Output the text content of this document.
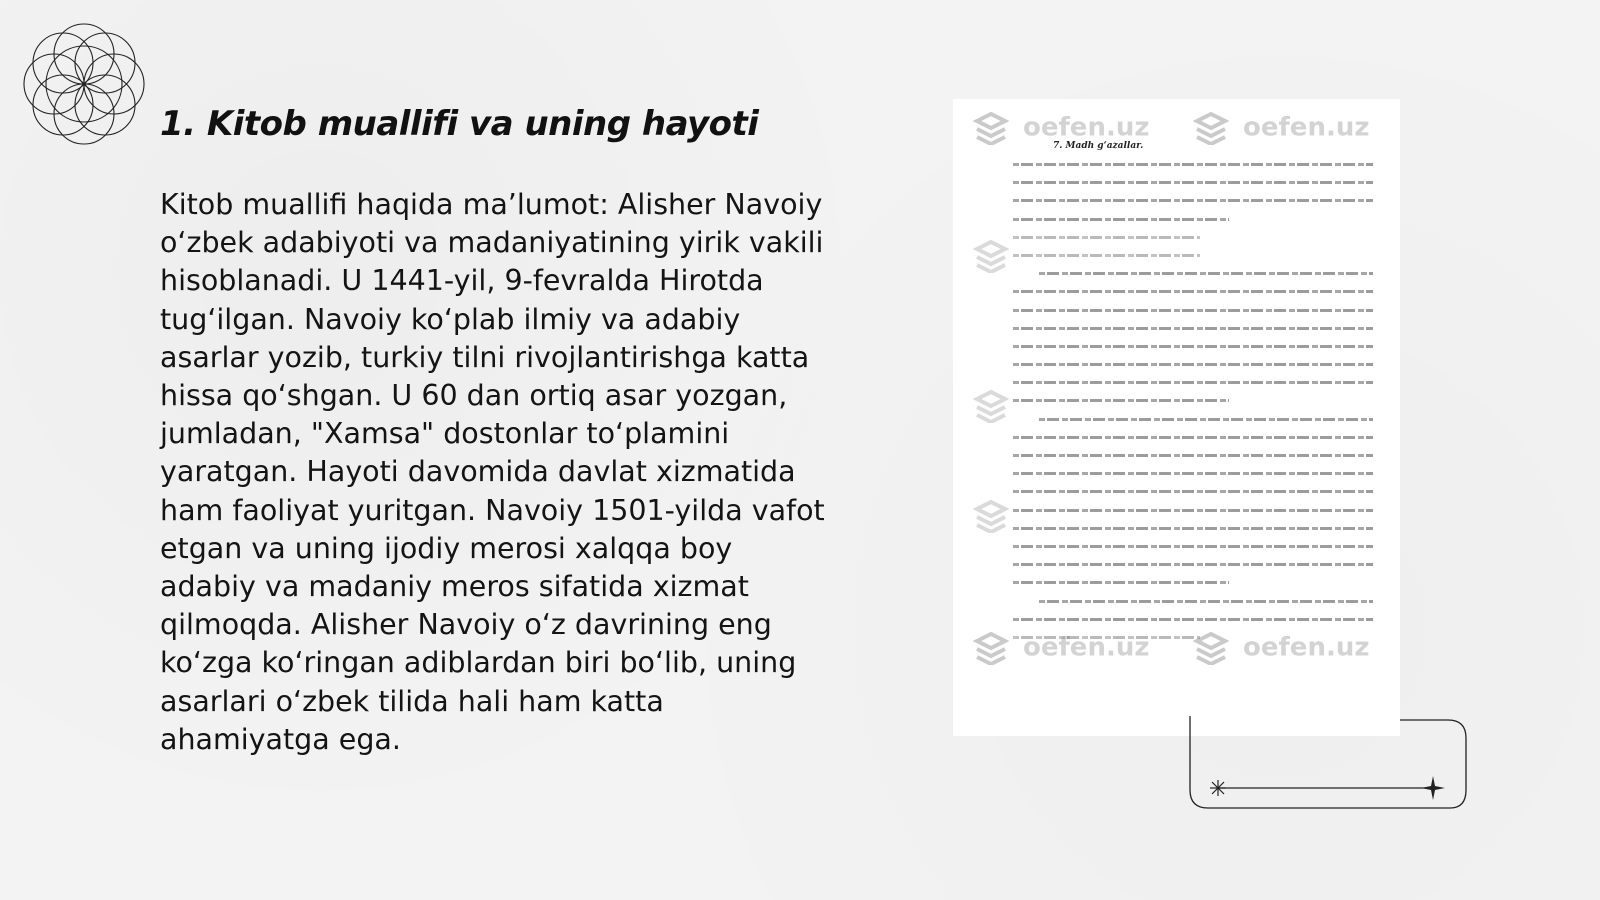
1. Kitob muallifi va uning hayoti

Kitob muallifi haqida ma’lumot: Alisher Navoiy o‘zbek adabiyoti va madaniyatining yirik vakili hisoblanadi. U 1441-yil, 9-fevralda Hirotda tug‘ilgan. Navoiy ko‘plab ilmiy va adabiy asarlar yozib, turkiy tilni rivojlantirishga katta hissa qo‘shgan. U 60 dan ortiq asar yozgan, jumladan, "Xamsa" dostonlar to‘plamini yaratgan. Hayoti davomida davlat xizmatida ham faoliyat yuritgan. Navoiy 1501-yilda vafot etgan va uning ijodiy merosi xalqqa boy adabiy va madaniy meros sifatida xizmat qilmoqda. Alisher Navoiy o‘z davrining eng ko‘zga ko‘ringan adiblardan biri bo‘lib, uning asarlari o‘zbek tilida hali ham katta ahamiyatga ega.

oefen.uz	oefen.uz
oefen.uz	oefen.uz
7. Madh g‘azallar.
